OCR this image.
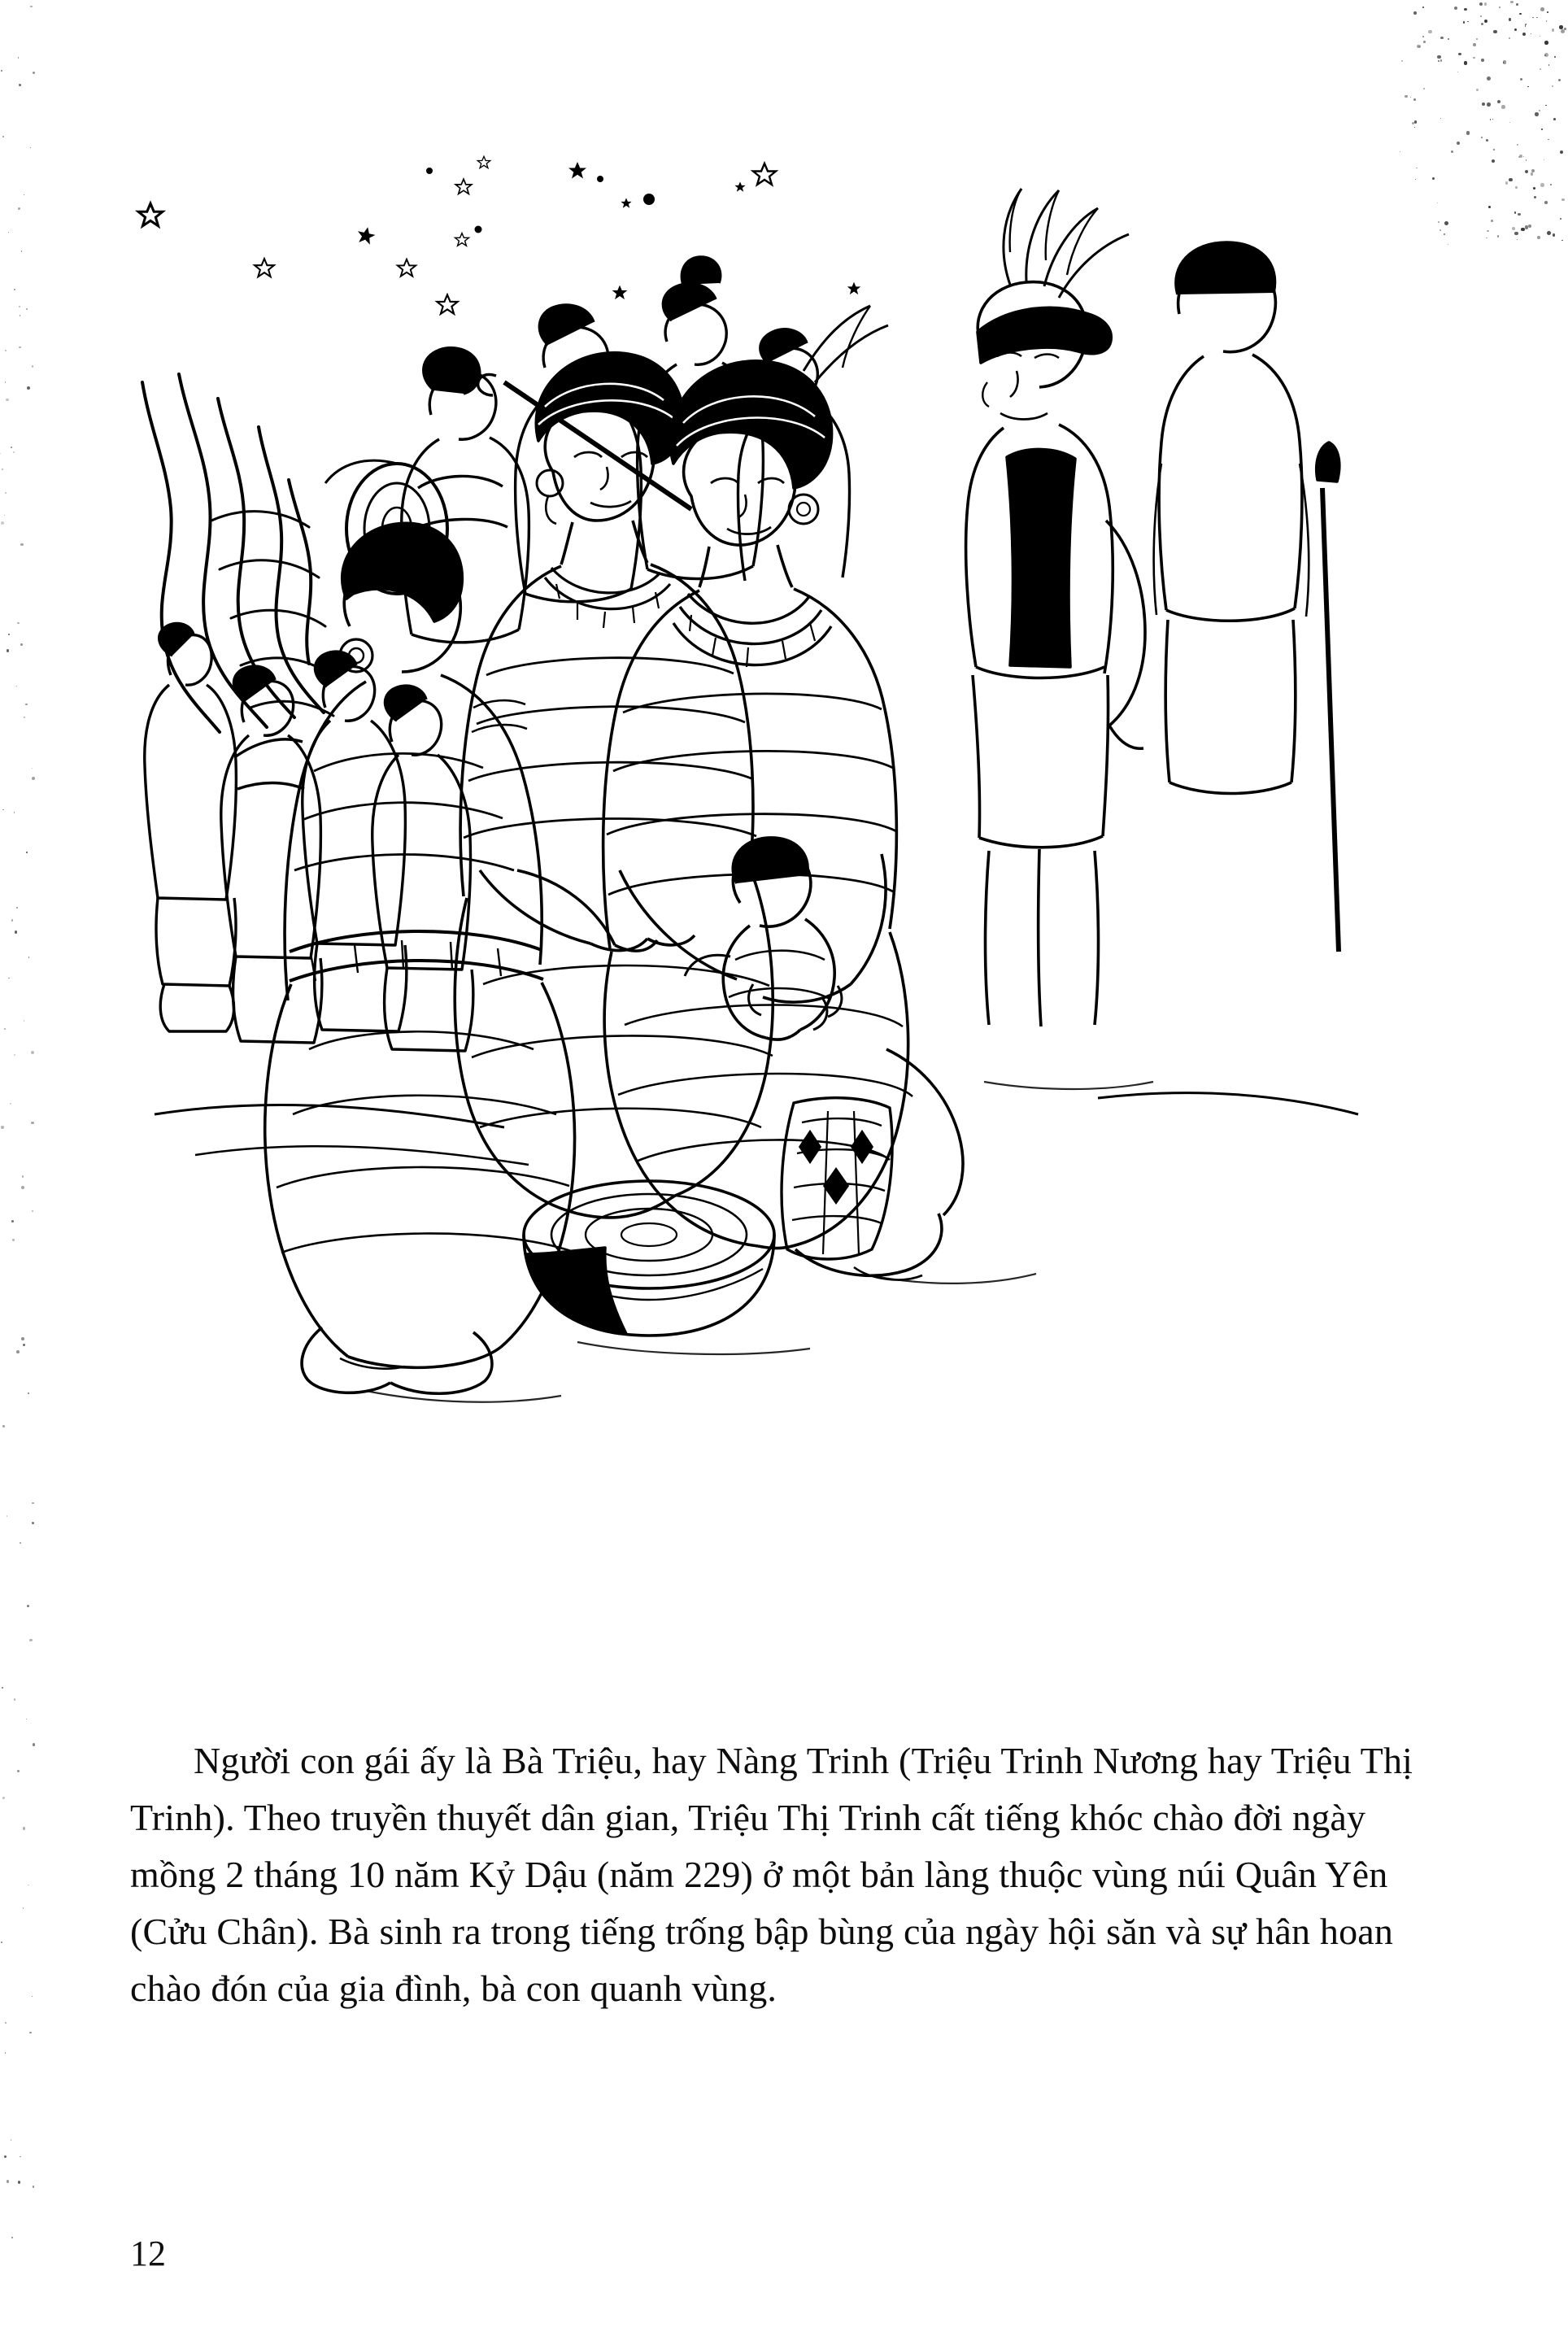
Người con gái ấy là Bà Triệu, hay Nàng Trinh (Triệu Trinh Nương hay Triệu Thị Trinh). Theo truyền thuyết dân gian, Triệu Thị Trinh cất tiếng khóc chào đời ngày mồng 2 tháng 10 năm Kỷ Dậu (năm 229) ở một bản làng thuộc vùng núi Quân Yên (Cửu Chân). Bà sinh ra trong tiếng trống bập bùng của ngày hội săn và sự hân hoan chào đón của gia đình, bà con quanh vùng.

12
